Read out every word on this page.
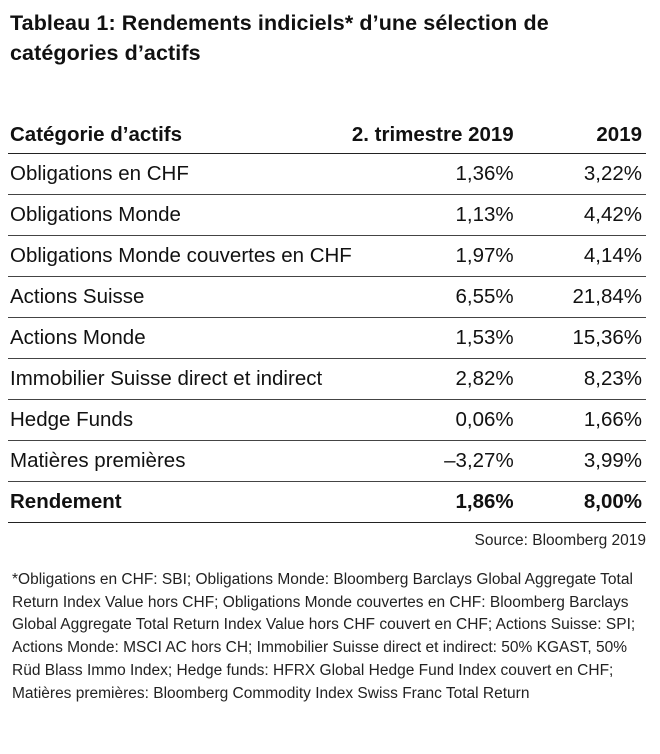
Tableau 1: Rendements indiciels* d’une sélection de catégories d’actifs
Catégorie d’actifs	2. trimestre 2019	2019
Obligations en CHF	1,36%	3,22%
Obligations Monde	1,13%	4,42%
Obligations Monde couvertes en CHF	1,97%	4,14%
Actions Suisse	6,55%	21,84%
Actions Monde	1,53%	15,36%
Immobilier Suisse direct et indirect	2,82%	8,23%
Hedge Funds	0,06%	1,66%
Matières premières	–3,27%	3,99%
Rendement	1,86%	8,00%
Source: Bloomberg 2019
*Obligations en CHF: SBI; Obligations Monde: Bloomberg Barclays Global Aggregate Total Return Index Value hors CHF; Obligations Monde couvertes en CHF: Bloomberg Barclays Global Aggregate Total Return Index Value hors CHF couvert en CHF; Actions Suisse: SPI; Actions Monde: MSCI AC hors CH; Immobilier Suisse direct et indirect: 50% KGAST, 50% Rüd Blass Immo Index; Hedge funds: HFRX Global Hedge Fund Index couvert en CHF; Matières premières: Bloomberg Commodity Index Swiss Franc Total Return
